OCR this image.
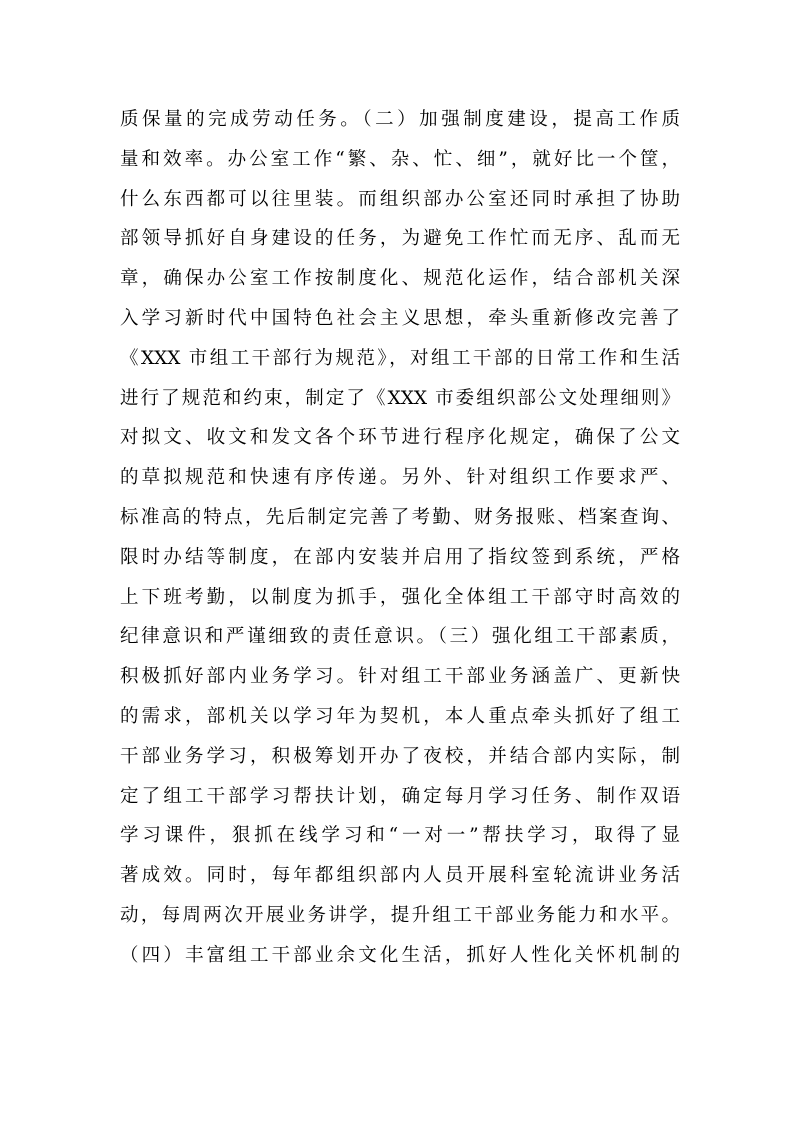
质保量的完成劳动任务。（二）加强制度建设，提高工作质
量和效率。办公室工作“繁、杂、忙、细”，就好比一个筐，
什么东西都可以往里装。而组织部办公室还同时承担了协助
部领导抓好自身建设的任务，为避免工作忙而无序、乱而无
章，确保办公室工作按制度化、规范化运作，结合部机关深
入学习新时代中国特色社会主义思想，牵头重新修改完善了
《XXX 市组工干部行为规范》，对组工干部的日常工作和生活
进行了规范和约束，制定了《XXX 市委组织部公文处理细则》
对拟文、收文和发文各个环节进行程序化规定，确保了公文
的草拟规范和快速有序传递。另外、针对组织工作要求严、
标准高的特点，先后制定完善了考勤、财务报账、档案查询、
限时办结等制度，在部内安装并启用了指纹签到系统，严格
上下班考勤，以制度为抓手，强化全体组工干部守时高效的
纪律意识和严谨细致的责任意识。（三）强化组工干部素质，
积极抓好部内业务学习。针对组工干部业务涵盖广、更新快
的需求，部机关以学习年为契机，本人重点牵头抓好了组工
干部业务学习，积极筹划开办了夜校，并结合部内实际，制
定了组工干部学习帮扶计划，确定每月学习任务、制作双语
学习课件，狠抓在线学习和“一对一”帮扶学习，取得了显
著成效。同时，每年都组织部内人员开展科室轮流讲业务活
动，每周两次开展业务讲学，提升组工干部业务能力和水平。
（四）丰富组工干部业余文化生活，抓好人性化关怀机制的
